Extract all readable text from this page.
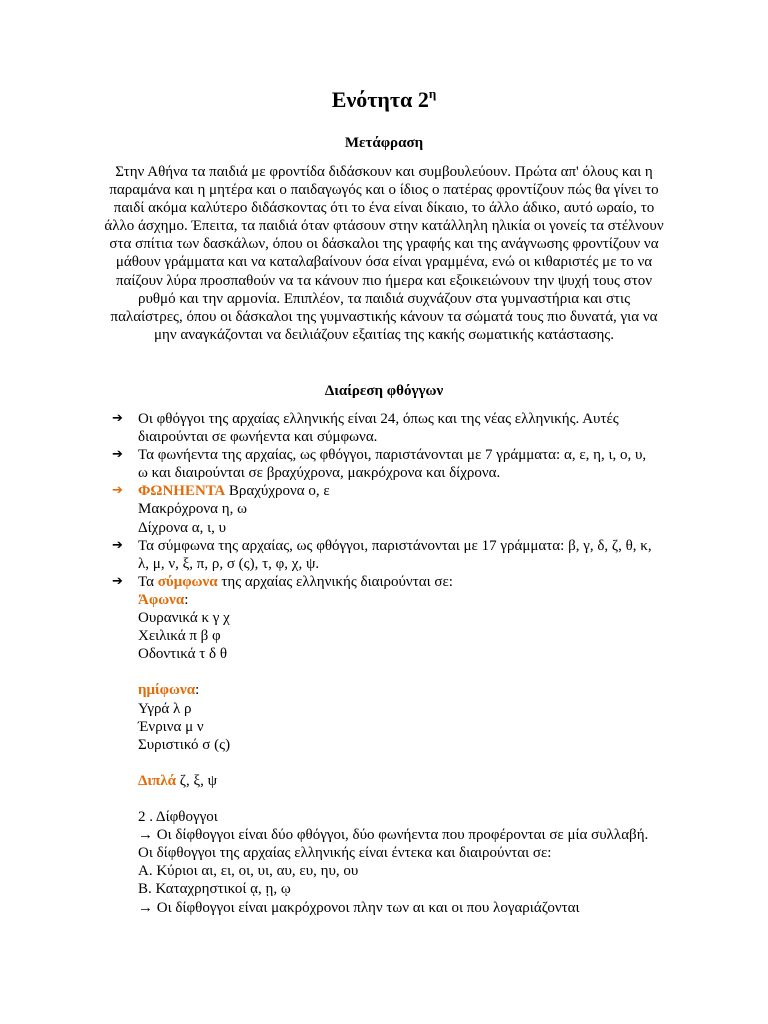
Ενότητα $2^\eta$
Μετάφραση
Στην Αθήνα τα παιδιά με φροντίδα διδάσκουν και συμβουλεύουν. Πρώτα απ' όλους και η
παραμάνα και η μητέρα και ο παιδαγωγός και ο ίδιος ο πατέρας φροντίζουν πώς θα γίνει το
παιδί ακόμα καλύτερο διδάσκοντας ότι το ένα είναι δίκαιο, το άλλο άδικο, αυτό ωραίο, το
άλλο άσχημο. Έπειτα, τα παιδιά όταν φτάσουν στην κατάλληλη ηλικία οι γονείς τα στέλνουν
στα σπίτια των δασκάλων, όπου οι δάσκαλοι της γραφής και της ανάγνωσης φροντίζουν να
μάθουν γράμματα και να καταλαβαίνουν όσα είναι γραμμένα, ενώ οι κιθαριστές με το να
παίζουν λύρα προσπαθούν να τα κάνουν πιο ήμερα και εξοικειώνουν την ψυχή τους στον
ρυθμό και την αρμονία. Επιπλέον, τα παιδιά συχνάζουν στα γυμναστήρια και στις
παλαίστρες, όπου οι δάσκαλοι της γυμναστικής κάνουν τα σώματά τους πιο δυνατά, για να
μην αναγκάζονται να δειλιάζουν εξαιτίας της κακής σωματικής κατάστασης.
Διαίρεση φθόγγων
➔
Οι φθόγγοι της αρχαίας ελληνικής είναι 24, όπως και της νέας ελληνικής. Αυτές
διαιρούνται σε φωνήεντα και σύμφωνα.
➔
Τα φωνήεντα της αρχαίας, ως φθόγγοι, παριστάνονται με 7 γράμματα: α, ε, η, ι, ο, υ,
ω και διαιρούνται σε βραχύχρονα, μακρόχρονα και δίχρονα.
➔
ΦΩΝΗΕΝΤΑ Βραχύχρονα ο, ε
Μακρόχρονα η, ω
Δίχρονα α, ι, υ
➔
Τα σύμφωνα της αρχαίας, ως φθόγγοι, παριστάνονται με 17 γράμματα: β, γ, δ, ζ, θ, κ,
λ, μ, ν, ξ, π, ρ, σ (ς), τ, φ, χ, ψ.
➔
Τα σύμφωνα της αρχαίας ελληνικής διαιρούνται σε:
Άφωνα:
Ουρανικά κ γ χ
Χειλικά π β φ
Οδοντικά τ δ θ
ημίφωνα:
Υγρά λ ρ
Ένρινα μ ν
Συριστικό σ (ς)
Διπλά ζ, ξ, ψ
2 . Δίφθογγοι
→ Οι δίφθογγοι είναι δύο φθόγγοι, δύο φωνήεντα που προφέρονται σε μία συλλαβή.
Οι δίφθογγοι της αρχαίας ελληνικής είναι έντεκα και διαιρούνται σε:
Α. Κύριοι αι, ει, οι, υι, αυ, ευ, ηυ, ου
Β. Καταχρηστικοί ᾳ, ῃ, ῳ
→ Οι δίφθογγοι είναι μακρόχρονοι πλην των αι και οι που λογαριάζονται
